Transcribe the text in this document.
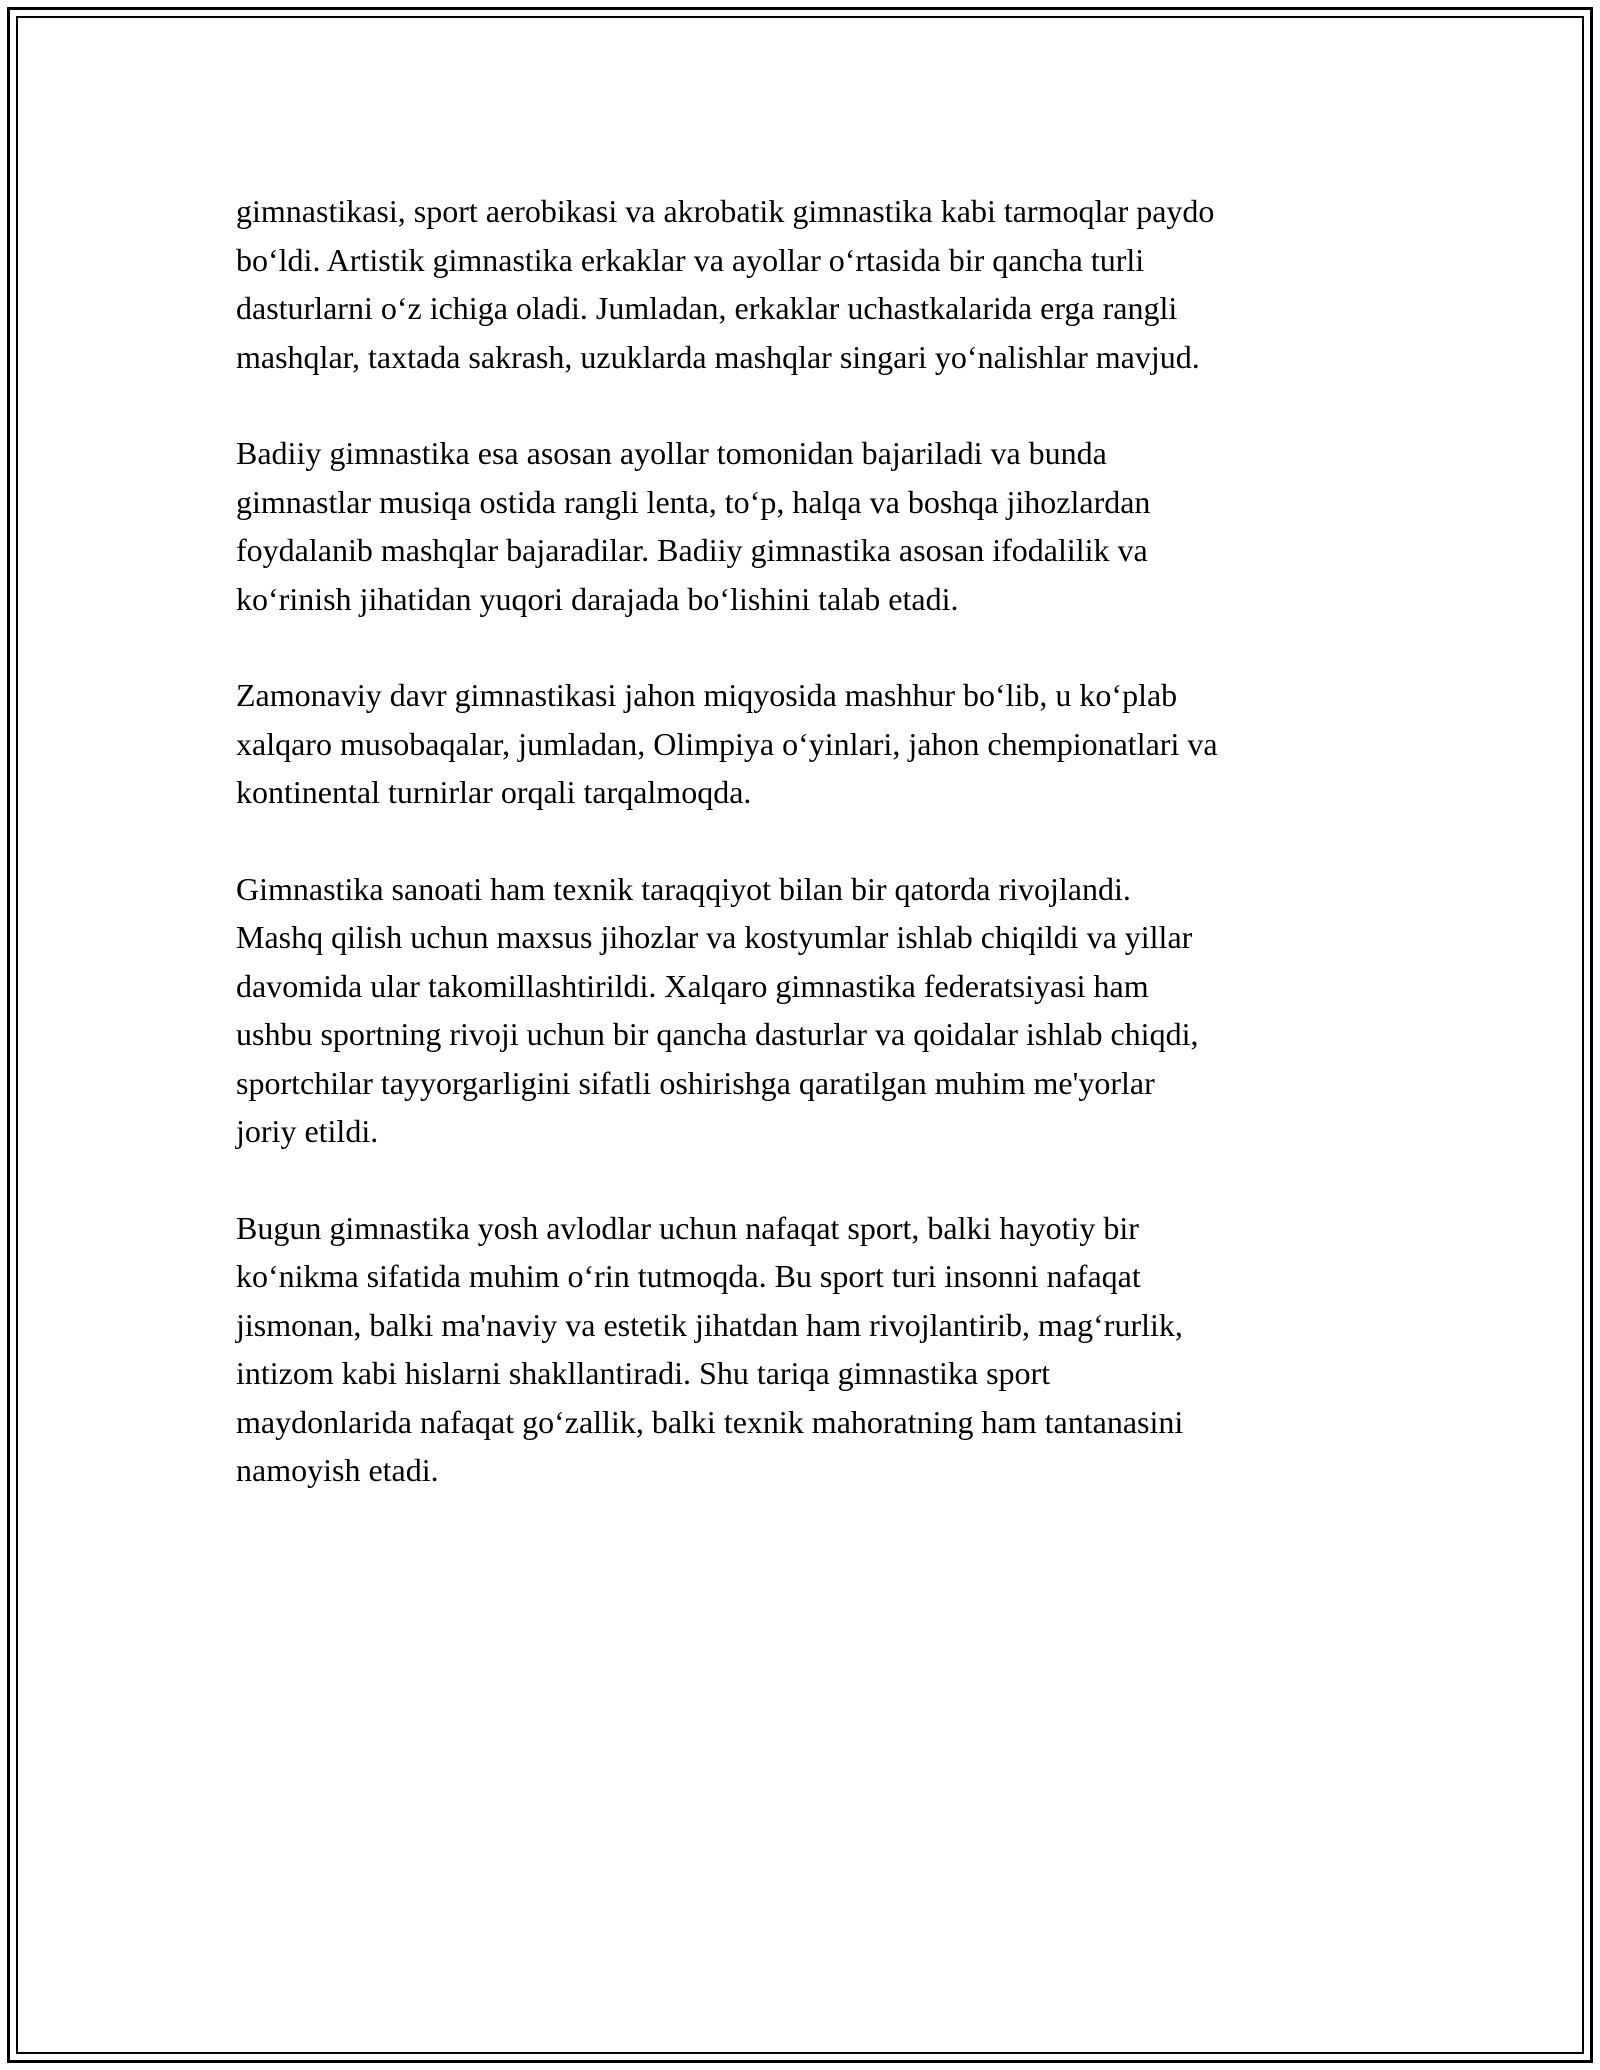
gimnastikasi, sport aerobikasi va akrobatik gimnastika kabi tarmoqlar paydo
bo‘ldi. Artistik gimnastika erkaklar va ayollar o‘rtasida bir qancha turli
dasturlarni o‘z ichiga oladi. Jumladan, erkaklar uchastkalarida erga rangli
mashqlar, taxtada sakrash, uzuklarda mashqlar singari yo‘nalishlar mavjud.

Badiiy gimnastika esa asosan ayollar tomonidan bajariladi va bunda
gimnastlar musiqa ostida rangli lenta, to‘p, halqa va boshqa jihozlardan
foydalanib mashqlar bajaradilar. Badiiy gimnastika asosan ifodalilik va
ko‘rinish jihatidan yuqori darajada bo‘lishini talab etadi.

Zamonaviy davr gimnastikasi jahon miqyosida mashhur bo‘lib, u ko‘plab
xalqaro musobaqalar, jumladan, Olimpiya o‘yinlari, jahon chempionatlari va
kontinental turnirlar orqali tarqalmoqda.

Gimnastika sanoati ham texnik taraqqiyot bilan bir qatorda rivojlandi.
Mashq qilish uchun maxsus jihozlar va kostyumlar ishlab chiqildi va yillar
davomida ular takomillashtirildi. Xalqaro gimnastika federatsiyasi ham
ushbu sportning rivoji uchun bir qancha dasturlar va qoidalar ishlab chiqdi,
sportchilar tayyorgarligini sifatli oshirishga qaratilgan muhim me'yorlar
joriy etildi.

Bugun gimnastika yosh avlodlar uchun nafaqat sport, balki hayotiy bir
ko‘nikma sifatida muhim o‘rin tutmoqda. Bu sport turi insonni nafaqat
jismonan, balki ma'naviy va estetik jihatdan ham rivojlantirib, mag‘rurlik,
intizom kabi hislarni shakllantiradi. Shu tariqa gimnastika sport
maydonlarida nafaqat go‘zallik, balki texnik mahoratning ham tantanasini
namoyish etadi.
